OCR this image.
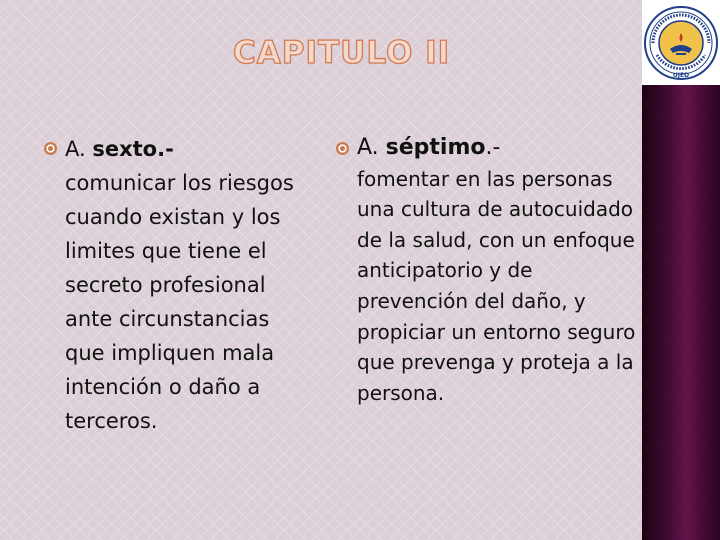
UJED
CAPITULO II
A. sexto.-
comunicar los riesgos cuando existan y los limites que tiene el secreto profesional ante circunstancias que impliquen mala intención o daño a terceros.
A. séptimo.-
fomentar en las personas una cultura de autocuidado de la salud, con un enfoque anticipatorio y de prevención del daño, y propiciar un entorno seguro que prevenga y proteja a la persona.
